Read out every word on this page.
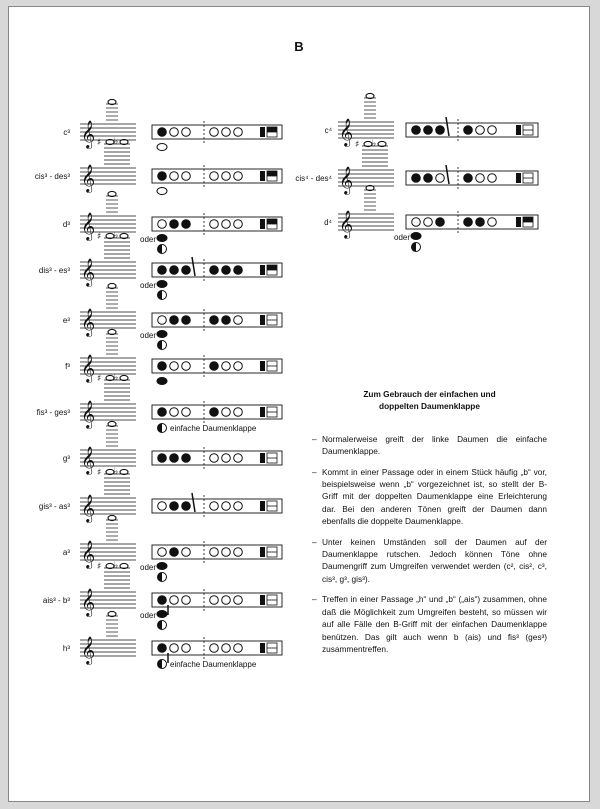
B
c³ 𝄞
cis³ - des³ 𝄞
♯ ♭
d³ 𝄞	oder
dis³ - es³ 𝄞
♯ ♭
oder
e³ 𝄞	oder
f³ 𝄞
fis³ - ges³ 𝄞
♯ ♭
einfache Daumenklappe
g³ 𝄞
gis³ - as³ 𝄞
♯ ♭
a³ 𝄞	oder
ais³ - b³ 𝄞
♯ ♭
oder
h³ 𝄞
einfache Daumenklappe
c⁴ 𝄞
cis⁴ - des⁴ 𝄞
♯ ♭
d⁴ 𝄞	oder
Zum Gebrauch der einfachen und
doppelten Daumenklappe
– Normalerweise greift der linke Daumen die einfache Daumenklappe.
– Kommt in einer Passage oder in einem Stück häufig „b“ vor, beispielsweise wenn „b“ vorgezeichnet ist, so stellt der B-Griff mit der doppelten Daumenklappe eine Erleichterung dar. Bei den anderen Tönen greift der Daumen dann ebenfalls die doppelte Daumenklappe.
– Unter keinen Umständen soll der Daumen auf der Daumenklappe rutschen. Jedoch können Töne ohne Daumengriff zum Umgreifen verwendet werden (c², cis², c³, cis³, g³, gis³).
– Treffen in einer Passage „h“ und „b“ („ais“) zusammen, ohne daß die Möglichkeit zum Umgreifen besteht, so müssen wir auf alle Fälle den B-Griff mit der einfachen Daumenklappe benützen. Das gilt auch wenn b (ais) und fis³ (ges³) zusammentreffen.
